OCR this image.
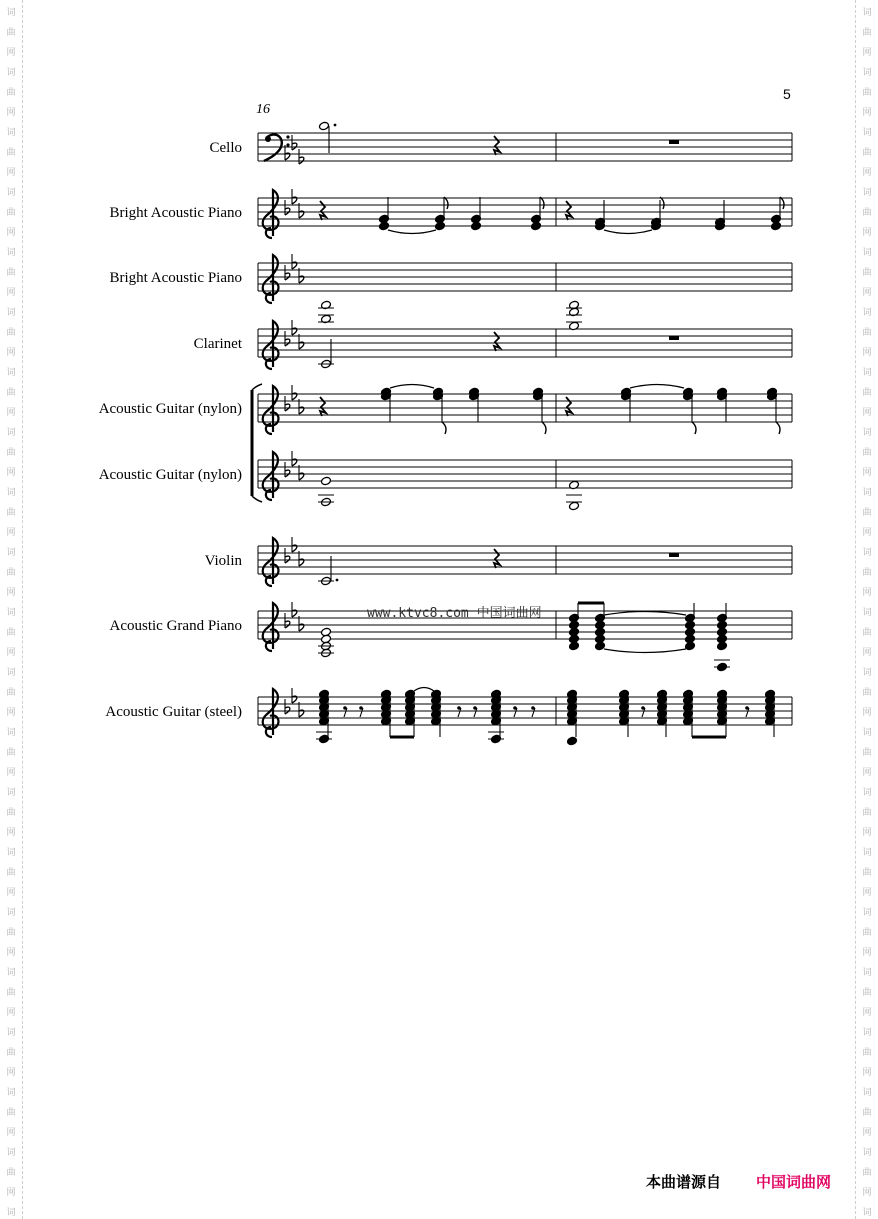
词
曲
网
词
曲
网
词
曲
网
词
曲
网
词
曲
网
词
曲
网
词
曲
网
词
曲
网
词
曲
网
词
曲
网
词
曲
网
词
曲
网
词
曲
网
词
曲
网
词
曲
网
词
曲
网
词
曲
网
词
曲
网
词
曲
网
词
曲
网
词
词
曲
网
词
曲
网
词
曲
网
词
曲
网
词
曲
网
词
曲
网
词
曲
网
词
曲
网
词
曲
网
词
曲
网
词
曲
网
词
曲
网
词
曲
网
词
曲
网
词
曲
网
词
曲
网
词
曲
网
词
曲
网
词
曲
网
词
曲
网
词
5
16
Cello
Bright Acoustic Piano
Bright Acoustic Piano
Clarinet
Acoustic Guitar (nylon)
Acoustic Guitar (nylon)
Violin
Acoustic Grand Piano
Acoustic Guitar (steel)
www.ktvc8.com 中国词曲网
本曲谱源自 中国词曲网
